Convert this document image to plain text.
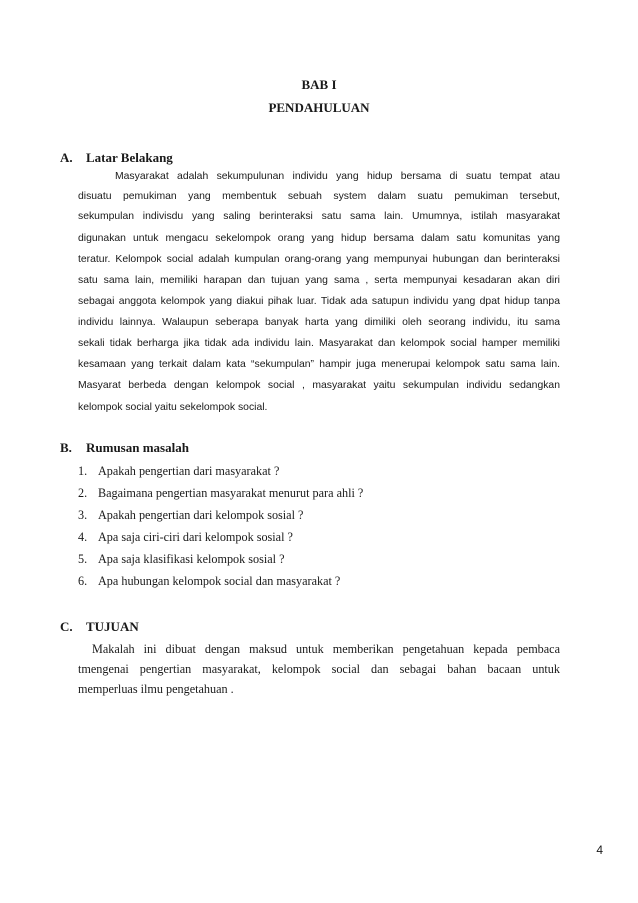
BAB I
PENDAHULUAN
A. Latar Belakang
Masyarakat adalah sekumpulunan individu yang hidup bersama di suatu tempat atau
disuatu pemukiman yang membentuk sebuah system dalam suatu pemukiman tersebut,
sekumpulan indivisdu yang saling berinteraksi satu sama lain. Umumnya, istilah masyarakat
digunakan untuk mengacu sekelompok orang yang hidup bersama dalam satu komunitas yang
teratur. Kelompok social adalah kumpulan orang-orang yang mempunyai hubungan dan berinteraksi
satu sama lain, memiliki harapan dan tujuan yang sama , serta mempunyai kesadaran akan diri
sebagai anggota kelompok yang diakui pihak luar. Tidak ada satupun individu yang dpat hidup tanpa
individu lainnya. Walaupun seberapa banyak harta yang dimiliki oleh seorang individu, itu sama
sekali tidak berharga jika tidak ada individu lain. Masyarakat dan kelompok social hamper memiliki
kesamaan yang terkait dalam kata “sekumpulan” hampir juga menerupai kelompok satu sama lain.
Masyarat berbeda dengan kelompok social , masyarakat yaitu sekumpulan individu sedangkan
kelompok social yaitu sekelompok social.
B. Rumusan masalah
1. Apakah pengertian dari masyarakat ?
2. Bagaimana pengertian masyarakat menurut para ahli ?
3. Apakah pengertian dari kelompok sosial ?
4. Apa saja ciri-ciri dari kelompok sosial ?
5. Apa saja klasifikasi kelompok sosial ?
6. Apa hubungan kelompok social dan masyarakat ?
C. TUJUAN
Makalah ini dibuat dengan maksud untuk memberikan pengetahuan kepada pembaca
tmengenai pengertian masyarakat, kelompok social dan sebagai bahan bacaan untuk
memperluas ilmu pengetahuan .
4
